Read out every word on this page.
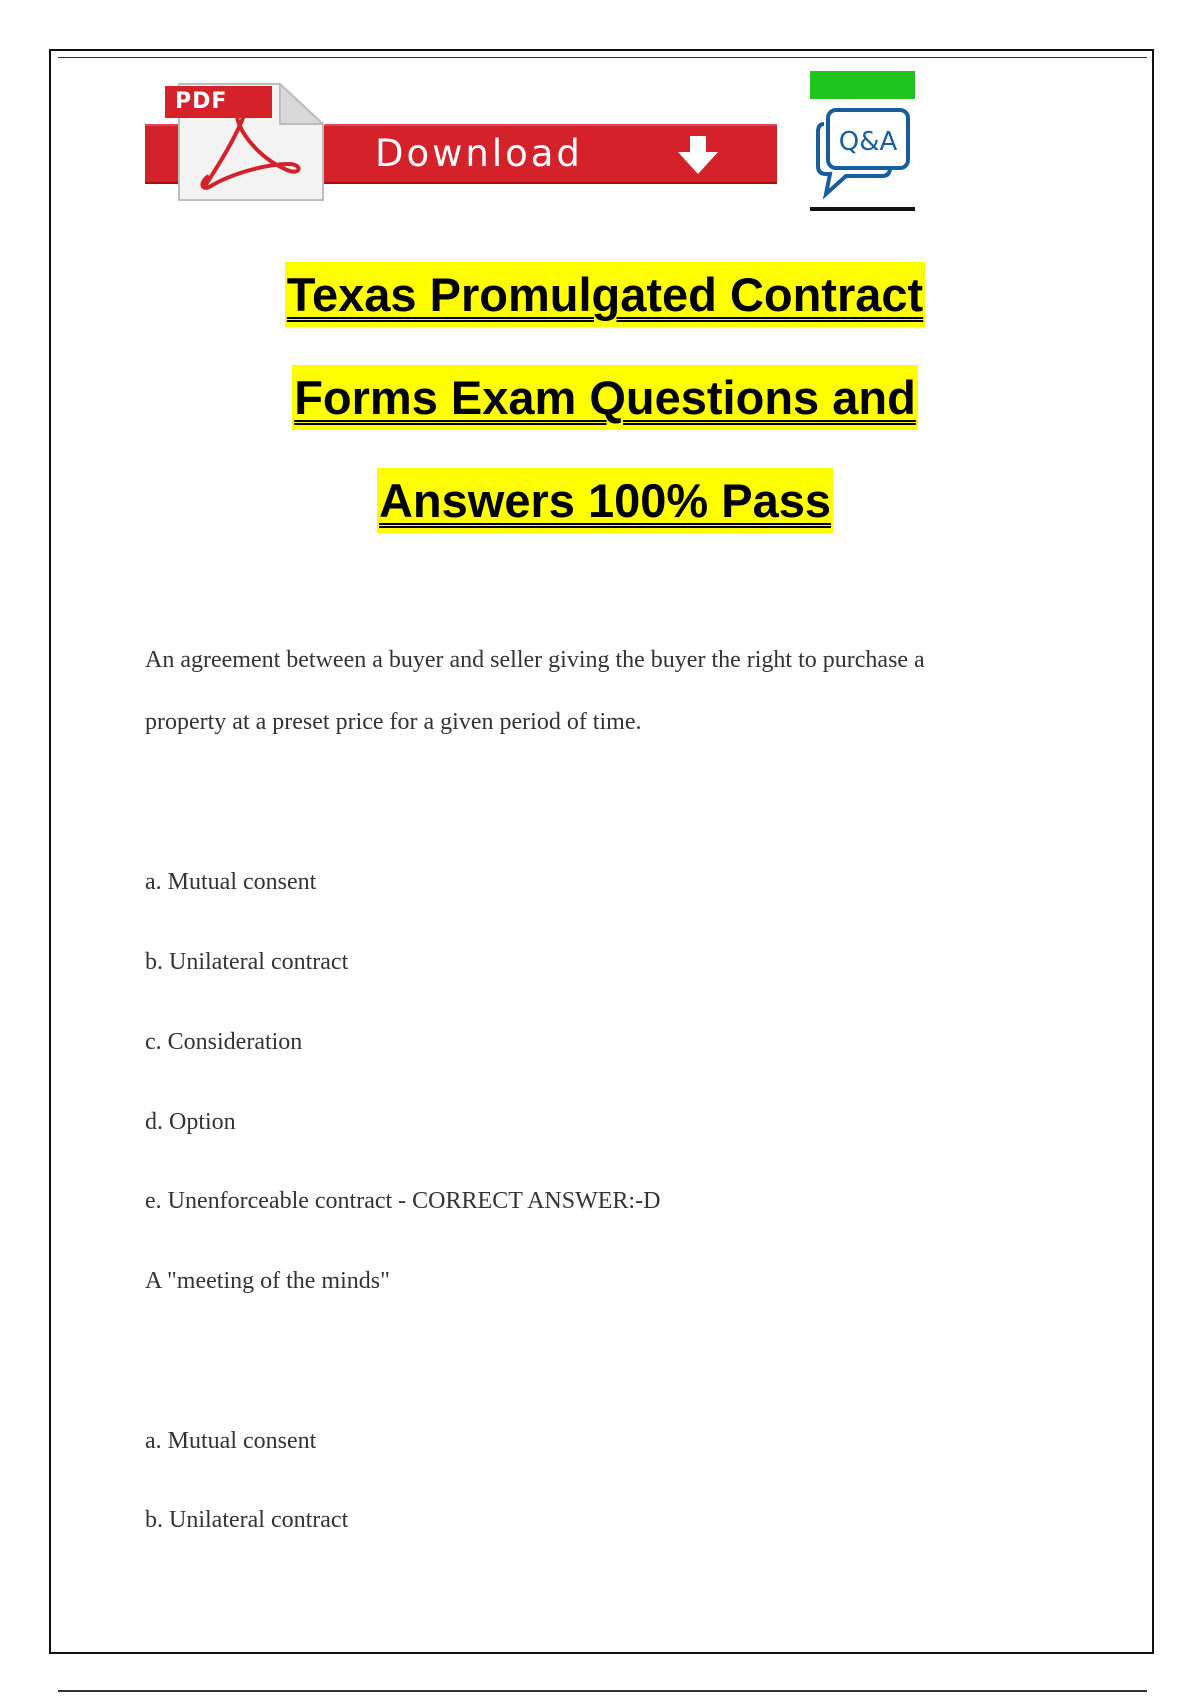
PDF
Download	Q&A

Texas Promulgated Contract

Forms Exam Questions and

Answers 100% Pass

An agreement between a buyer and seller giving the buyer the right to purchase a

property at a preset price for a given period of time.

a. Mutual consent

b. Unilateral contract

c. Consideration

d. Option

e. Unenforceable contract - CORRECT ANSWER:-D

A "meeting of the minds"

a. Mutual consent

b. Unilateral contract
